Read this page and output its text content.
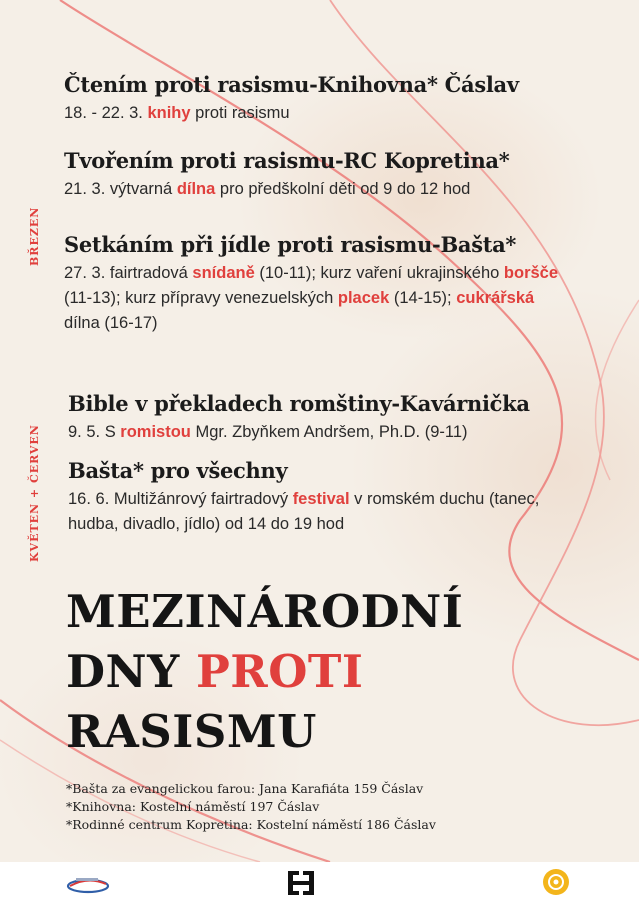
BŘEZEN
KVĚTEN + ČERVEN
Čtením proti rasismu-Knihovna* Čáslav

18. - 22. 3. knihy proti rasismu

Tvořením proti rasismu-RC Kopretina*

21. 3. výtvarná dílna pro předškolní děti od 9 do 12 hod

Setkáním při jídle proti rasismu-Bašta*

27. 3. fairtradová snídaně (10-11); kurz vaření ukrajinského boršče (11-13); kurz přípravy venezuelských placek (14-15); cukrářská dílna (16-17)

Bible v překladech romštiny-Kavárnička

9. 5. S romistou Mgr. Zbyňkem Andršem, Ph.D. (9-11)

Bašta* pro všechny

16. 6. Multižánrový fairtradový festival v romském duchu (tanec, hudba, divadlo, jídlo) od 14 do 19 hod

MEZINÁRODNÍ
DNY PROTI
RASISMU
*Bašta za evangelickou farou: Jana Karafiáta 159 Čáslav
*Knihovna: Kostelní náměstí 197 Čáslav
*Rodinné centrum Kopretina: Kostelní náměstí 186 Čáslav
